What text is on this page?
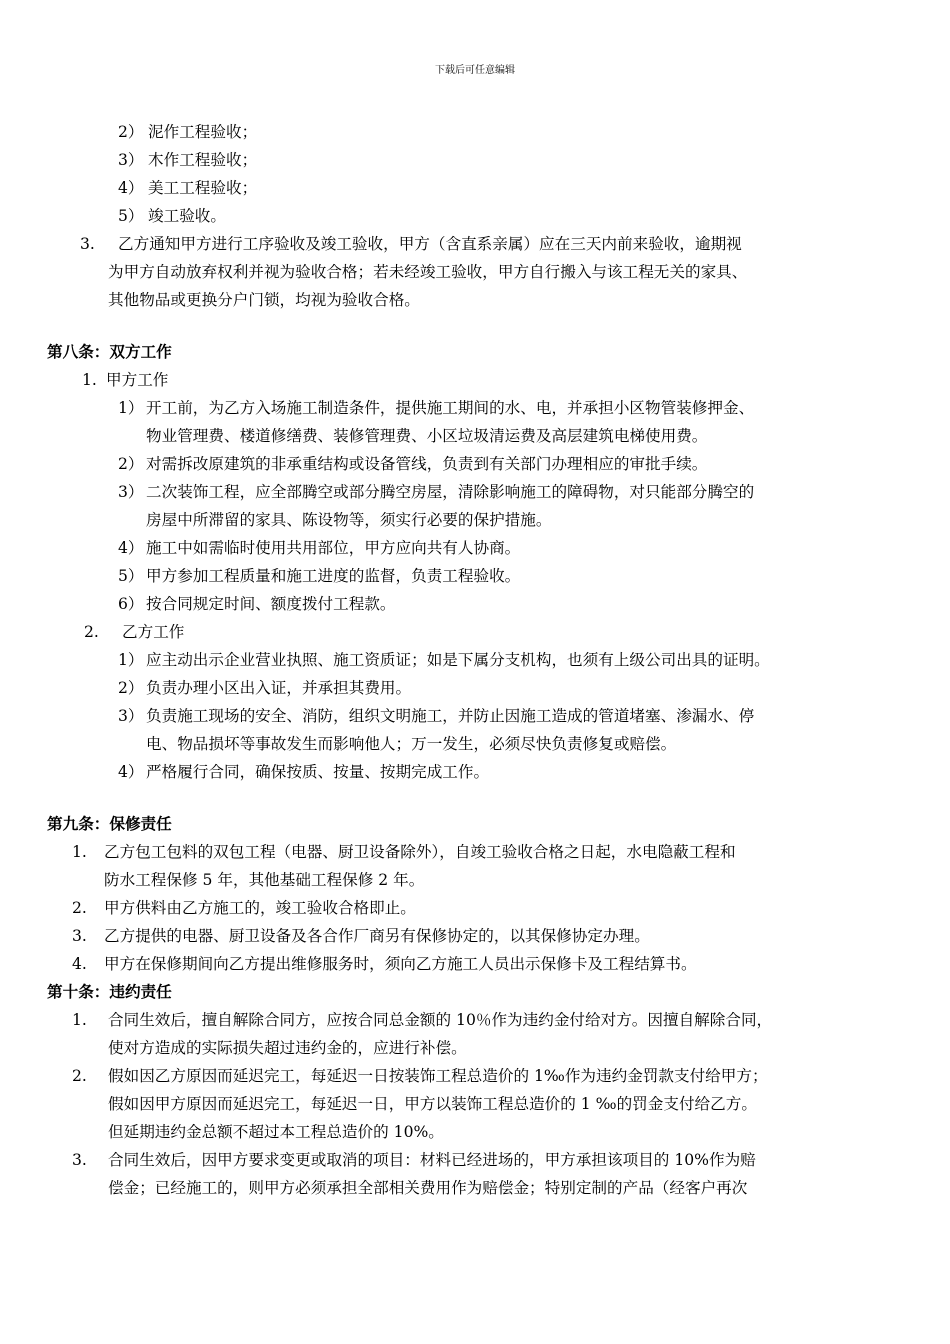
下载后可任意编辑
2） 泥作工程验收；
3） 木作工程验收；
4） 美工工程验收；
5） 竣工验收。
3. 乙方通知甲方进行工序验收及竣工验收，甲方（含直系亲属）应在三天内前来验收，逾期视
为甲方自动放弃权利并视为验收合格；若未经竣工验收，甲方自行搬入与该工程无关的家具、
其他物品或更换分户门锁，均视为验收合格。
第八条：双方工作
1. 甲方工作
1） 开工前，为乙方入场施工制造条件，提供施工期间的水、电，并承担小区物管装修押金、
物业管理费、楼道修缮费、装修管理费、小区垃圾清运费及高层建筑电梯使用费。
2） 对需拆改原建筑的非承重结构或设备管线，负责到有关部门办理相应的审批手续。
3） 二次装饰工程，应全部腾空或部分腾空房屋，清除影响施工的障碍物，对只能部分腾空的
房屋中所滞留的家具、陈设物等，须实行必要的保护措施。
4） 施工中如需临时使用共用部位，甲方应向共有人协商。
5） 甲方参加工程质量和施工进度的监督，负责工程验收。
6） 按合同规定时间、额度拨付工程款。
2. 乙方工作
1） 应主动出示企业营业执照、施工资质证；如是下属分支机构，也须有上级公司出具的证明。
2） 负责办理小区出入证，并承担其费用。
3） 负责施工现场的安全、消防，组织文明施工，并防止因施工造成的管道堵塞、渗漏水、停
电、物品损坏等事故发生而影响他人；万一发生，必须尽快负责修复或赔偿。
4） 严格履行合同，确保按质、按量、按期完成工作。
第九条：保修责任
1. 乙方包工包料的双包工程（电器、厨卫设备除外），自竣工验收合格之日起，水电隐蔽工程和
防水工程保修 5 年，其他基础工程保修 2 年。
2. 甲方供料由乙方施工的，竣工验收合格即止。
3. 乙方提供的电器、厨卫设备及各合作厂商另有保修协定的，以其保修协定办理。
4. 甲方在保修期间向乙方提出维修服务时，须向乙方施工人员出示保修卡及工程结算书。
第十条：违约责任
1. 合同生效后，擅自解除合同方，应按合同总金额的 10％作为违约金付给对方。因擅自解除合同，
使对方造成的实际损失超过违约金的，应进行补偿。
2. 假如因乙方原因而延迟完工，每延迟一日按装饰工程总造价的 1‰作为违约金罚款支付给甲方；
假如因甲方原因而延迟完工，每延迟一日，甲方以装饰工程总造价的 1 ‰的罚金支付给乙方。
但延期违约金总额不超过本工程总造价的 10%。
3. 合同生效后，因甲方要求变更或取消的项目：材料已经进场的，甲方承担该项目的 10%作为赔
偿金；已经施工的，则甲方必须承担全部相关费用作为赔偿金；特别定制的产品（经客户再次
